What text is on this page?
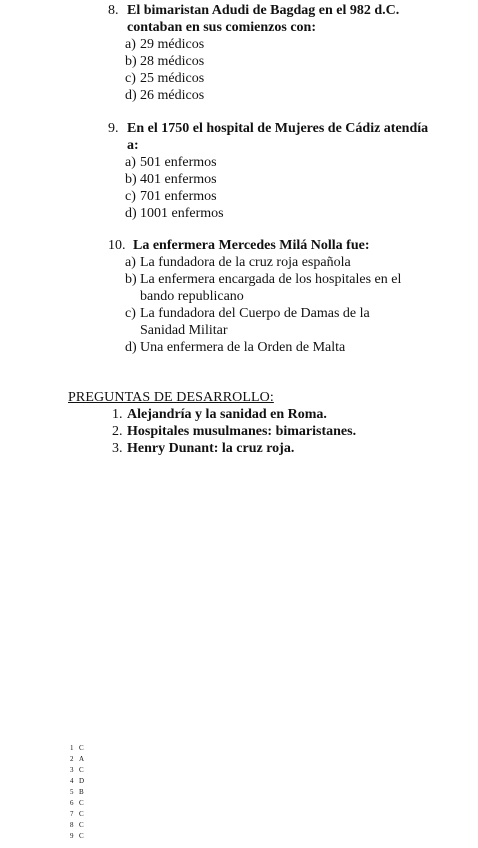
8. El bimaristan Adudi de Bagdag en el 982 d.C. contaban en sus comienzos con:
a) 29 médicos
b) 28 médicos
c) 25 médicos
d) 26 médicos
9. En el 1750 el hospital de Mujeres de Cádiz atendía a:
a) 501 enfermos
b) 401 enfermos
c) 701 enfermos
d) 1001 enfermos
10. La enfermera Mercedes Milá Nolla fue:
a) La fundadora de la cruz roja española
b) La enfermera encargada de los hospitales en el bando republicano
c) La fundadora del Cuerpo de Damas de la Sanidad Militar
d) Una enfermera de la Orden de Malta
PREGUNTAS DE DESARROLLO:
1. Alejandría y la sanidad en Roma.
2. Hospitales musulmanes: bimaristanes.
3. Henry Dunant: la cruz roja.
1 C
2 A
3 C
4 D
5 B
6 C
7 C
8 C
9 C
